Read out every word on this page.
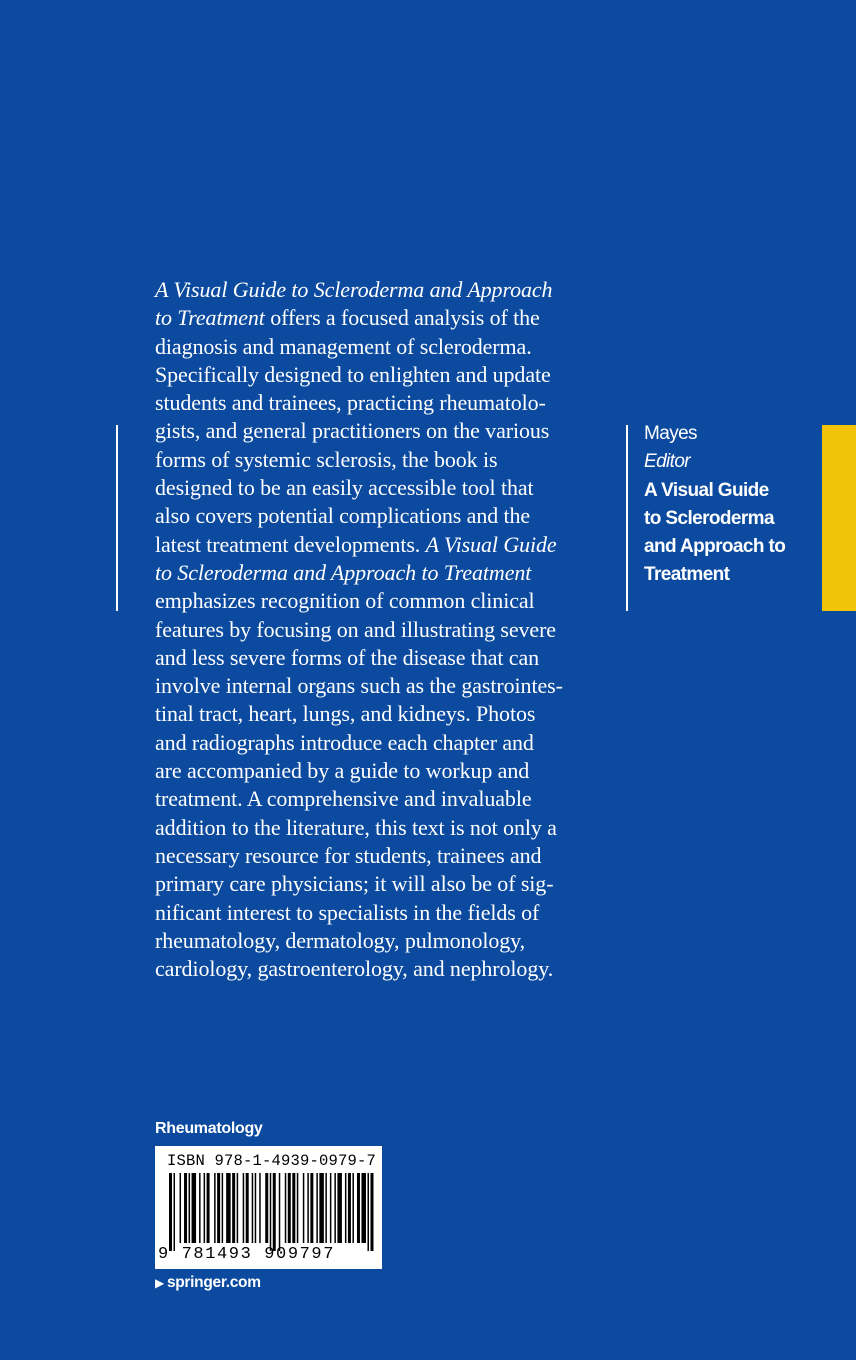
A Visual Guide to Scleroderma and Approach
to Treatment offers a focused analysis of the
diagnosis and management of scleroderma.
Specifically designed to enlighten and update
students and trainees, practicing rheumatolo-
gists, and general practitioners on the various
forms of systemic sclerosis, the book is
designed to be an easily accessible tool that
also covers potential complications and the
latest treatment developments. A Visual Guide
to Scleroderma and Approach to Treatment
emphasizes recognition of common clinical
features by focusing on and illustrating severe
and less severe forms of the disease that can
involve internal organs such as the gastrointes-
tinal tract, heart, lungs, and kidneys. Photos
and radiographs introduce each chapter and
are accompanied by a guide to workup and
treatment. A comprehensive and invaluable
addition to the literature, this text is not only a
necessary resource for students, trainees and
primary care physicians; it will also be of sig-
nificant interest to specialists in the fields of
rheumatology, dermatology, pulmonology,
cardiology, gastroenterology, and nephrology.
Mayes
Editor
A Visual Guide
to Scleroderma
and Approach to
Treatment
Rheumatology
ISBN 978-1-4939-0979-7
9 781493 909797
▶ springer.com
